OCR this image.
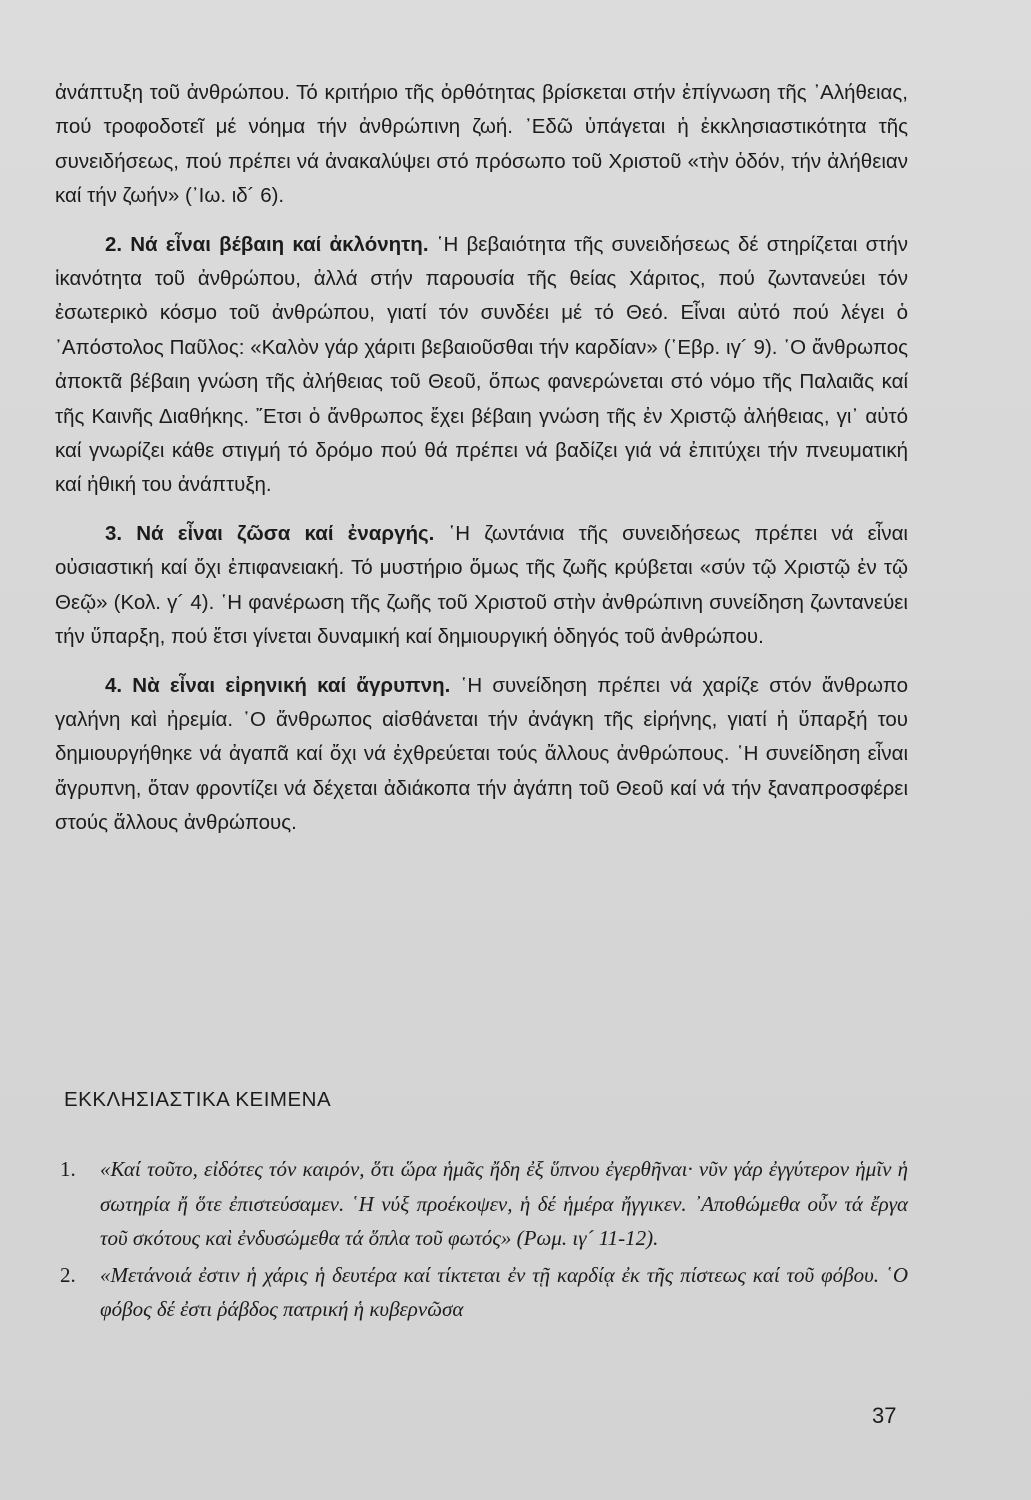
ἀνάπτυξη τοῦ ἀνθρώπου. Τό κριτήριο τῆς ὀρθότητας βρίσκεται στήν ἐπίγνωση τῆς ᾿Αλήθειας, πού τροφοδοτεῖ μέ νόημα τήν ἀνθρώπινη ζωή. ᾿Εδῶ ὑπάγεται ἡ ἐκκλησιαστικότητα τῆς συνειδήσεως, πού πρέπει νά ἀνακαλύψει στό πρόσωπο τοῦ Χριστοῦ «τὴν ὁδόν, τήν ἀλήθειαν καί τήν ζωήν» (᾿Ιω. ιδ´ 6).

2. Νά εἶναι βέβαιη καί ἀκλόνητη. ῾Η βεβαιότητα τῆς συνειδήσεως δέ στηρίζεται στήν ἱκανότητα τοῦ ἀνθρώπου, ἀλλά στήν παρουσία τῆς θείας Χάριτος, πού ζωντανεύει τόν ἐσωτερικὸ κόσμο τοῦ ἀνθρώπου, γιατί τόν συνδέει μέ τό Θεό. Εἶναι αὐτό πού λέγει ὁ ᾿Απόστολος Παῦλος: «Καλὸν γάρ χάριτι βεβαιοῦσθαι τήν καρδίαν» (῾Εβρ. ιγ´ 9). ῾Ο ἄνθρωπος ἀποκτᾶ βέβαιη γνώση τῆς ἀλήθειας τοῦ Θεοῦ, ὅπως φανερώνεται στό νόμο τῆς Παλαιᾶς καί τῆς Καινῆς Διαθήκης. ῎Ετσι ὁ ἄνθρωπος ἔχει βέβαιη γνώση τῆς ἐν Χριστῷ ἀλήθειας, γι᾿ αὐτό καί γνωρίζει κάθε στιγμή τό δρόμο πού θά πρέπει νά βαδίζει γιά νά ἐπιτύχει τήν πνευματική καί ἠθική του ἀνάπτυξη.

3. Νά εἶναι ζῶσα καί ἐναργής. ῾Η ζωντάνια τῆς συνειδήσεως πρέπει νά εἶναι οὐσιαστική καί ὄχι ἐπιφανειακή. Τό μυστήριο ὅμως τῆς ζωῆς κρύβεται «σύν τῷ Χριστῷ ἐν τῷ Θεῷ» (Κολ. γ´ 4). ῾Η φανέρωση τῆς ζωῆς τοῦ Χριστοῦ στὴν ἀνθρώπινη συνείδηση ζωντανεύει τήν ὕπαρξη, πού ἔτσι γίνεται δυναμική καί δημιουργική ὁδηγός τοῦ ἀνθρώπου.

4. Νὰ εἶναι εἰρηνική καί ἄγρυπνη. ῾Η συνείδηση πρέπει νά χαρίζε στόν ἄνθρωπο γαλήνη καὶ ἠρεμία. ῾Ο ἄνθρωπος αἰσθάνεται τήν ἀνάγκη τῆς εἰρήνης, γιατί ἡ ὕπαρξή του δημιουργήθηκε νά ἀγαπᾶ καί ὄχι νά ἐχθρεύεται τούς ἄλλους ἀνθρώπους. ῾Η συνείδηση εἶναι ἄγρυπνη, ὅταν φροντίζει νά δέχεται ἀδιάκοπα τήν ἀγάπη τοῦ Θεοῦ καί νά τήν ξαναπροσφέρει στούς ἄλλους ἀνθρώπους.

ΕΚΚΛΗΣΙΑΣΤΙΚΑ ΚΕΙΜΕΝΑ
1.	«Καί τοῦτο, εἰδότες τόν καιρόν, ὅτι ὥρα ἡμᾶς ἤδη ἐξ ὕπνου ἐγερθῆναι· νῦν γάρ ἐγγύτερον ἡμῖν ἡ σωτηρία ἤ ὅτε ἐπιστεύσαμεν. ῾Η νύξ προέκοψεν, ἡ δέ ἡμέρα ἤγγικεν. ᾿Αποθώμεθα οὖν τά ἔργα τοῦ σκότους καὶ ἐνδυσώμεθα τά ὅπλα τοῦ φωτός» (Ρωμ. ιγ´ 11-12).
2.	«Μετάνοιά ἐστιν ἡ χάρις ἡ δευτέρα καί τίκτεται ἐν τῇ καρδίᾳ ἐκ τῆς πίστεως καί τοῦ φόβου. ῾Ο φόβος δέ ἐστι ῥάβδος πατρική ἡ κυβερνῶσα
37
